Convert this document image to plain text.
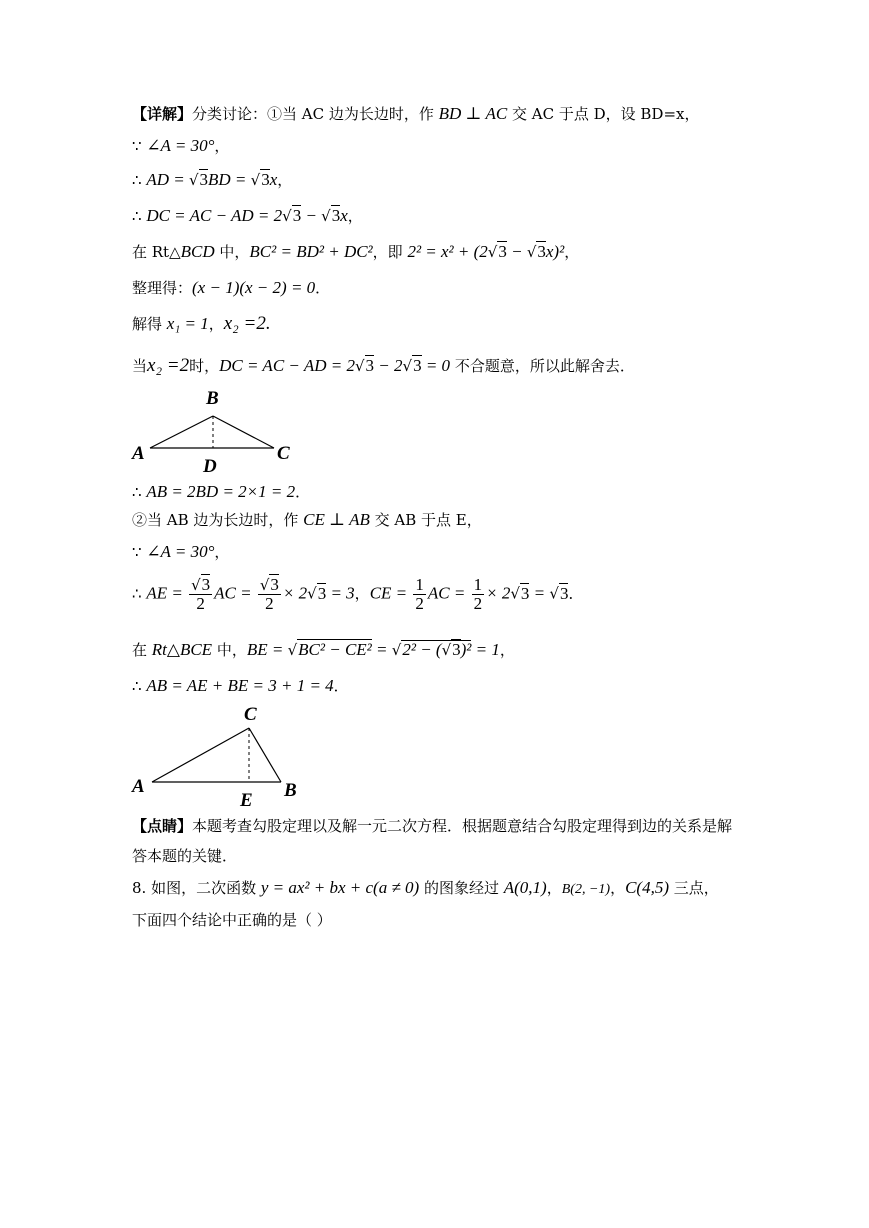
【详解】分类讨论：①当 AC 边为长边时，作 BD ⊥ AC 交 AC 于点 D，设 BD=x，
∵ ∠A = 30°，
∴ AD = √3BD = √3x，
∴ DC = AC − AD = 2√3 − √3x，
在 Rt△BCD 中，BC² = BD² + DC²，即 2² = x² + (2√3 − √3x)²，
整理得：(x − 1)(x − 2) = 0．
解得 x₁ = 1，x₂ =2.
当x₂ =2时，DC = AC − AD = 2√3 − 2√3 = 0 不合题意，所以此解舍去．
B
A	C
D
∴ AB = 2BD = 2×1 = 2．
②当 AB 边为长边时，作 CE ⊥ AB 交 AB 于点 E，
∵ ∠A = 30°，
∴ AE = $\frac{√3}{2}$ AC = $\frac{√3}{2} \times 2√3 = 3$，CE = $\frac{1}{2}$ AC = $\frac{1}{2} \times 2√3 = √3$．
在 Rt△BCE 中，BE = √BC² − CE² = √2² − (√3)² = 1，
∴ AB = AE + BE = 3 + 1 = 4．
C
A	B
E
【点睛】本题考查勾股定理以及解一元二次方程．根据题意结合勾股定理得到边的关系是解
答本题的关键．
8. 如图，二次函数 y = ax² + bx + c(a ≠ 0) 的图象经过 A(0,1)，B(2, −1)，C(4,5) 三点，
下面四个结论中正确的是（ ）
